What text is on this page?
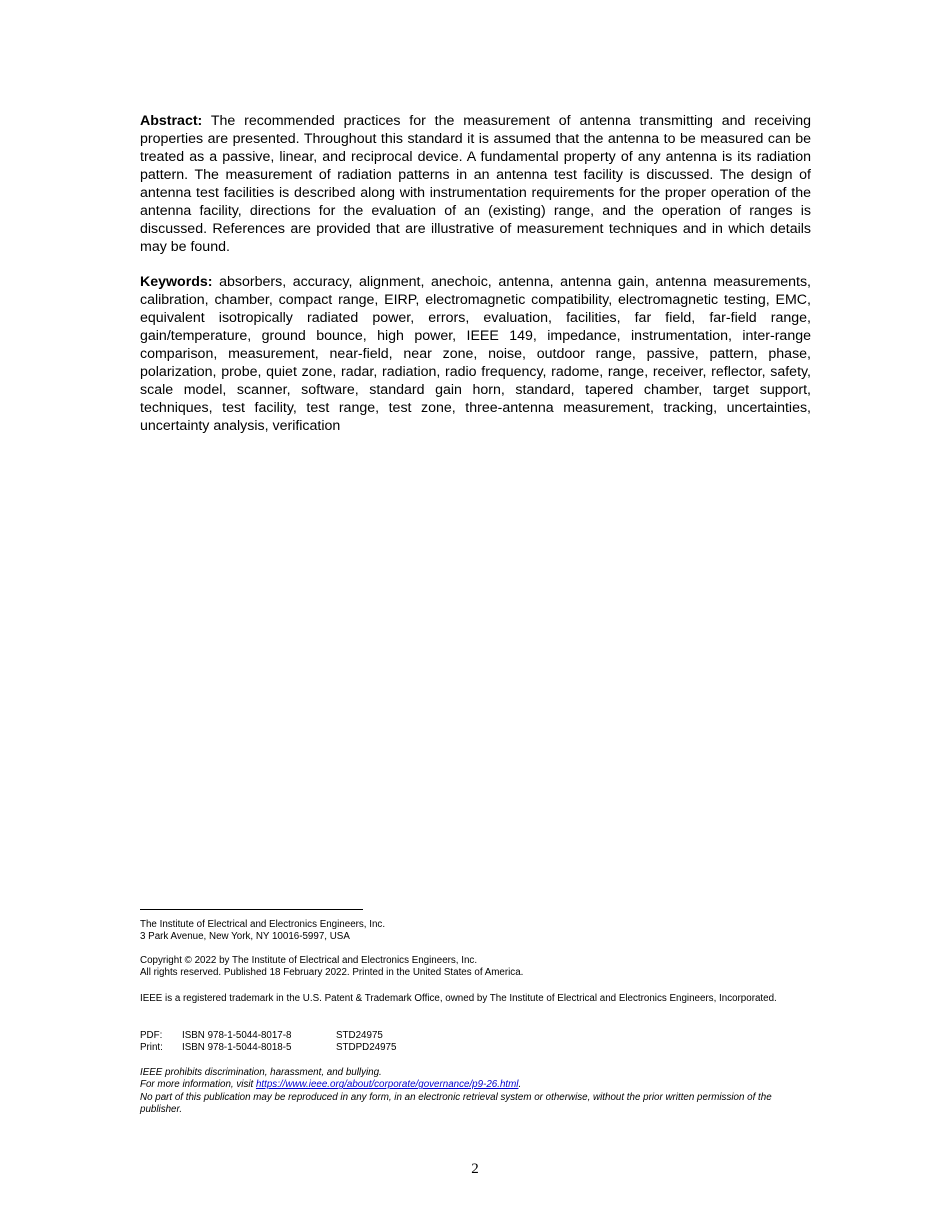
Abstract: The recommended practices for the measurement of antenna transmitting and receiving properties are presented. Throughout this standard it is assumed that the antenna to be measured can be treated as a passive, linear, and reciprocal device. A fundamental property of any antenna is its radiation pattern. The measurement of radiation patterns in an antenna test facility is discussed. The design of antenna test facilities is described along with instrumentation requirements for the proper operation of the antenna facility, directions for the evaluation of an (existing) range, and the operation of ranges is discussed. References are provided that are illustrative of measurement techniques and in which details may be found.

Keywords: absorbers, accuracy, alignment, anechoic, antenna, antenna gain, antenna measurements, calibration, chamber, compact range, EIRP, electromagnetic compatibility, electromagnetic testing, EMC, equivalent isotropically radiated power, errors, evaluation, facilities, far field, far-field range, gain/temperature, ground bounce, high power, IEEE 149, impedance, instrumentation, inter-range comparison, measurement, near-field, near zone, noise, outdoor range, passive, pattern, phase, polarization, probe, quiet zone, radar, radiation, radio frequency, radome, range, receiver, reflector, safety, scale model, scanner, software, standard gain horn, standard, tapered chamber, target support, techniques, test facility, test range, test zone, three-antenna measurement, tracking, uncertainties, uncertainty analysis, verification

The Institute of Electrical and Electronics Engineers, Inc.

3 Park Avenue, New York, NY 10016-5997, USA

Copyright © 2022 by The Institute of Electrical and Electronics Engineers, Inc.

All rights reserved. Published 18 February 2022. Printed in the United States of America.

IEEE is a registered trademark in the U.S. Patent & Trademark Office, owned by The Institute of Electrical and Electronics Engineers, Incorporated.

PDF:	ISBN 978-1-5044-8017-8	STD24975
Print:	ISBN 978-1-5044-8018-5	STDPD24975

IEEE prohibits discrimination, harassment, and bullying.

For more information, visit https://www.ieee.org/about/corporate/governance/p9-26.html.

No part of this publication may be reproduced in any form, in an electronic retrieval system or otherwise, without the prior written permission of the publisher.

2
